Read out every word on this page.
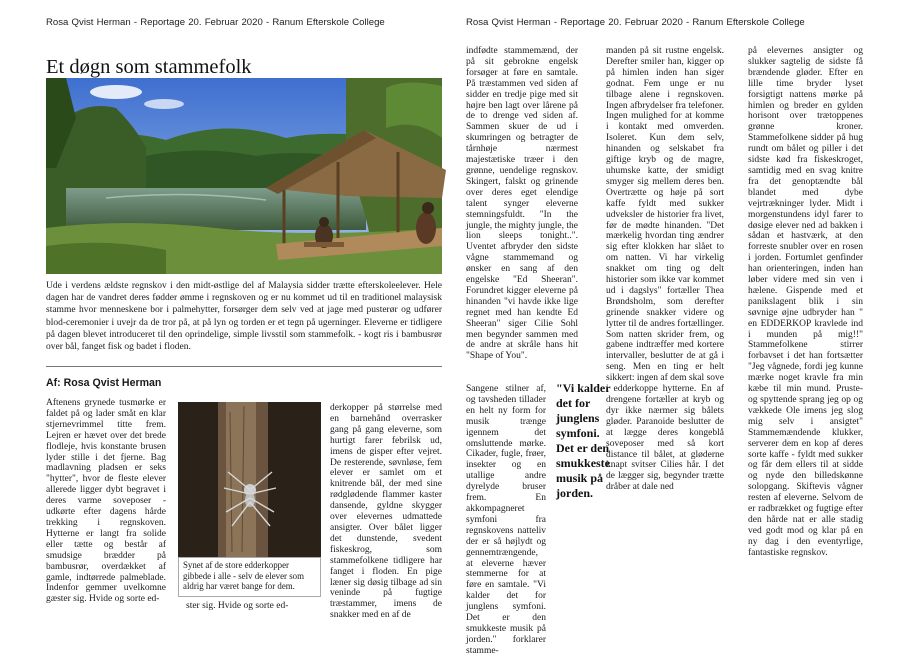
Rosa Qvist Herman - Reportage 20. Februar 2020 - Ranum Efterskole College	Rosa Qvist Herman - Reportage 20. Februar 2020 - Ranum Efterskole College
Et døgn som stammefolk

Ude i verdens ældste regnskov i den midt-østlige del af Malaysia sidder trætte efterskoleelever. Hele dagen har de vandret deres fødder ømme i regnskoven og er nu kommet ud til en traditionel malaysisk stamme hvor menneskene bor i palmehytter, forsørger dem selv ved at jage med pusterør og udfører blod-ceremonier i uvejr da de tror på, at på lyn og torden er et tegn på ugerninger. Eleverne er tidligere på dagen blevet introduceret til den oprindelige, simple livsstil som stammefolk. - kogt ris i bambusrør over bål, fanget fisk og badet i floden.

Af: Rosa Qvist Herman
Aftenens grynede tusmørke er faldet på og lader småt en klar stjernevrimmel titte frem. Lejren er hævet over det brede flodleje, hvis konstante brusen lyder stille i det fjerne. Bag madlavning pladsen er seks "hytter", hvor de fleste elever allerede ligger dybt begravet i deres varme soveposer - udkørte efter dagens hårde trekking i regnskoven. Hytterne er langt fra solide eller tætte og består af smudsige brædder på bambusrør, overdækket af gamle, indtørrede palmeblade. Indenfor gemmer uvelkomne gæster sig. Hvide og sorte ed-
Synet af de store edderkopper gibbede i alle - selv de elever som aldrig har været bange for dem.
ster sig. Hvide og sorte ed-
derkopper på størrelse med en barnehånd overrasker gang på gang eleverne, som hurtigt farer febrilsk ud, imens de gisper efter vejret. De resterende, søvnløse, fem elever er samlet om et knitrende bål, der med sine rødglødende flammer kaster dansende, gyldne skygger over elevernes udmattede ansigter. Over bålet ligger det dunstende, svedent fiskeskrog, som stammefolkene tidligere har fanget i floden. En pige læner sig døsig tilbage ad sin veninde på fugtige træstammer, imens de snakker med en af de
indfødte stammemænd, der på sit gebrokne engelsk forsøger at føre en samtale. På træstammen ved siden af sidder en tredje pige med sit højre ben lagt over lårene på de to drenge ved siden af. Sammen skuer de ud i skumringen og betragter de tårnhøje nærmest majestætiske træer i den grønne, uendelige regnskov. Skingert, falskt og grinende over deres eget elendige talent synger eleverne stemningsfuldt. "In the jungle, the mighty jungle, the lion sleeps tonight..". Uventet afbryder den sidste vågne stammemand og ønsker en sang af den engelske "Ed Sheeran". Forundret kigger eleverne på hinanden "vi havde ikke lige regnet med han kendte Ed Sheeran" siger Cilie Sohl men begynder sammen med de andre at skråle hans hit "Shape of You".
Sangene stilner af, og tavsheden tillader en helt ny form for musik trænge igennem det omsluttende mørke. Cikader, fugle, frøer, insekter og en utallige andre dyrelyde bruser frem. En akkompagneret symfoni fra regnskovens natteliv der er så højlydt og gennemtrængende, at eleverne hæver stemmerne for at føre en samtale. "Vi kalder det for junglens symfoni. Det er den smukkeste musik på jorden." forklarer stamme-
"Vi kalder det for junglens symfoni. Det er den smukkeste musik på jorden.
manden på sit rustne engelsk. Derefter smiler han, kigger op på himlen inden han siger godnat. Fem unge er nu tilbage alene i regnskoven. Ingen afbrydelser fra telefoner. Ingen mulighed for at komme i kontakt med omverden. Isoleret. Kun dem selv, hinanden og selskabet fra giftige kryb og de magre, uhumske katte, der smidigt smyger sig mellem deres ben. Overtrætte og høje på sort kaffe fyldt med sukker udveksler de historier fra livet, før de mødte hinanden. "Det mærkelig hvordan ting ændrer sig efter klokken har slået to om natten. Vi har virkelig snakket om ting og delt historier som ikke var kommet ud i dagslys" fortæller Thea Brøndsholm, som derefter grinende snakker videre og lytter til de andres fortællinger. Som natten skrider frem, og gabene indtræffer med kortere intervaller, beslutter de at gå i seng. Men en ting er helt sikkert: ingen af dem skal sove i edderkoppe hytterne. En af drengene fortæller at kryb og dyr ikke nærmer sig bålets gløder. Paranoide beslutter de at lægge deres kongeblå soveposer med så kort distance til bålet, at gløderne knapt svitser Cilies hår. I det de lægger sig, begynder trætte dråber at dale ned
på elevernes ansigter og slukker sagtelig de sidste få brændende gløder. Efter en lille time bryder lyset forsigtigt nattens mørke på himlen og breder en gylden horisont over trætoppenes grønne kroner. Stammefolkene sidder på hug rundt om bålet og piller i det sidste kød fra fiskeskroget, samtidig med en svag knitre fra det genoptændte bål blandet med dybe vejrtrækninger lyder. Midt i morgenstundens idyl farer to døsige elever ned ad bakken i sådan et hastværk, at den forreste snubler over en rosen i jorden. Fortumlet genfinder han orienteringen, inden han løber videre med sin ven i hælene. Gispende med et panikslagent blik i sin søvnige øjne udbryder han " en EDDERKOP kravlede ind i munden på mig!!" Stammefolkene stirrer forbavset i det han fortsætter "Jeg vågnede, fordi jeg kunne mærke noget kravle fra min kæbe til min mund. Pruste- og spyttende sprang jeg op og vækkede Ole imens jeg slog mig selv i ansigtet" Stammemændende klukker, serverer dem en kop af deres sorte kaffe - fyldt med sukker og får dem ellers til at sidde og nyde den billedskønne solopgang. Skiftevis vågner resten af eleverne. Selvom de er radbrækket og fugtige efter den hårde nat er alle stadig ved godt mod og klar på en ny dag i den eventyrlige, fantastiske regnskov.
